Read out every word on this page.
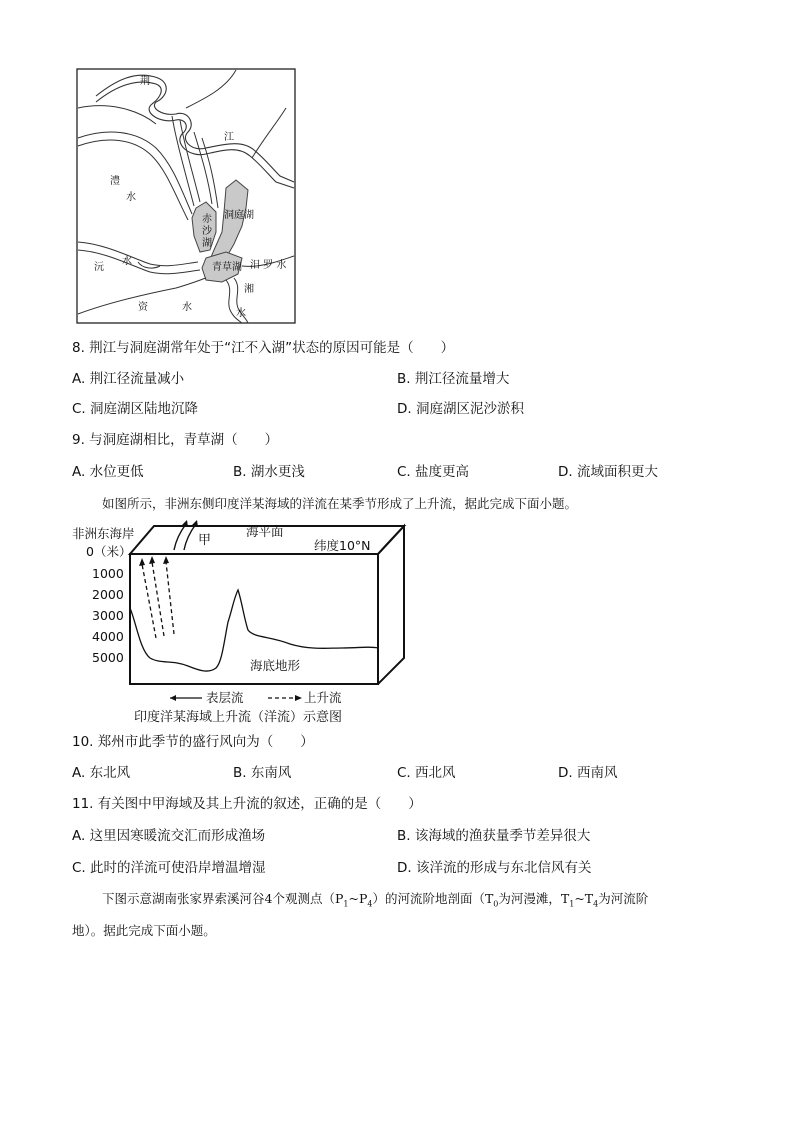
荆
江
澧
水
赤
沙
湖
洞庭湖
沅
水
青草湖 汨 罗 水
湘
水
资	水
8. 荆江与洞庭湖常年处于“江不入湖”状态的原因可能是（　　）
A. 荆江径流量减小	B. 荆江径流量增大
C. 洞庭湖区陆地沉降	D. 洞庭湖区泥沙淤积
9. 与洞庭湖相比，青草湖（　　）
A. 水位更低	B. 湖水更浅	C. 盐度更高	D. 流域面积更大
如图所示，非洲东侧印度洋某海域的洋流在某季节形成了上升流，据此完成下面小题。
非洲东海岸
0（米）
甲
海平面
纬度10°N
1000
2000
3000
4000
5000
海底地形
表层流	上升流
印度洋某海域上升流（洋流）示意图
10. 郑州市此季节的盛行风向为（　　）
A. 东北风	B. 东南风	C. 西北风	D. 西南风
11. 有关图中甲海域及其上升流的叙述，正确的是（　　）
A. 这里因寒暖流交汇而形成渔场	B. 该海域的渔获量季节差异很大
C. 此时的洋流可使沿岸增温增湿	D. 该洋流的形成与东北信风有关
下图示意湖南张家界索溪河谷4个观测点$(P_1\sim P_4)$的河流阶地剖面（$T_0$为河漫滩，$T_1\sim T_4$为河流阶
地）。据此完成下面小题。
